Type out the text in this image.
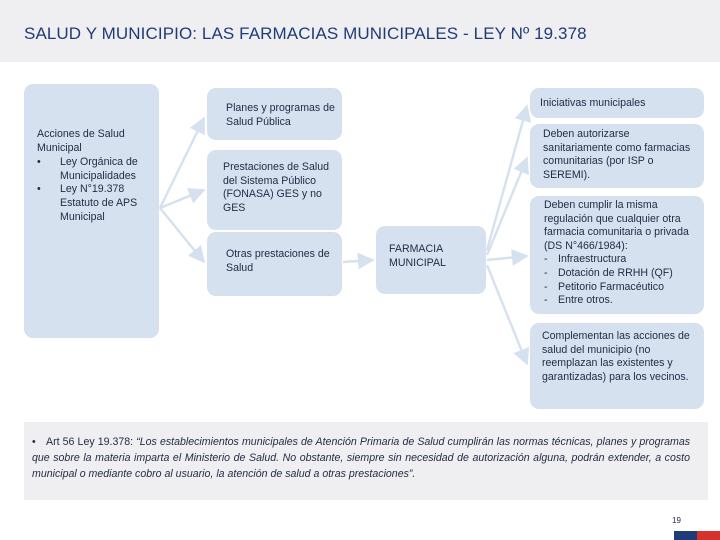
SALUD Y MUNICIPIO: LAS FARMACIAS MUNICIPALES - LEY Nº 19.378
Acciones de Salud Municipal
• Ley Orgánica de Municipalidades
• Ley N°19.378 Estatuto de APS Municipal
Planes y programas de Salud Pública
Prestaciones de Salud del Sistema Público (FONASA) GES y no GES
Otras prestaciones de Salud
FARMACIA MUNICIPAL
Iniciativas municipales
Deben autorizarse sanitariamente como farmacias comunitarias (por ISP o SEREMI).
Deben cumplir la misma regulación que cualquier otra farmacia comunitaria o privada (DS N°466/1984):
- Infraestructura
- Dotación de RRHH (QF)
- Petitorio Farmacéutico
- Entre otros.
Complementan las acciones de salud del municipio (no reemplazan las existentes y garantizadas) para los vecinos.
• Art 56 Ley 19.378: “Los establecimientos municipales de Atención Primaria de Salud cumplirán las normas técnicas, planes y programas que sobre la materia imparta el Ministerio de Salud. No obstante, siempre sin necesidad de autorización alguna, podrán extender, a costo municipal o mediante cobro al usuario, la atención de salud a otras prestaciones”.
19
